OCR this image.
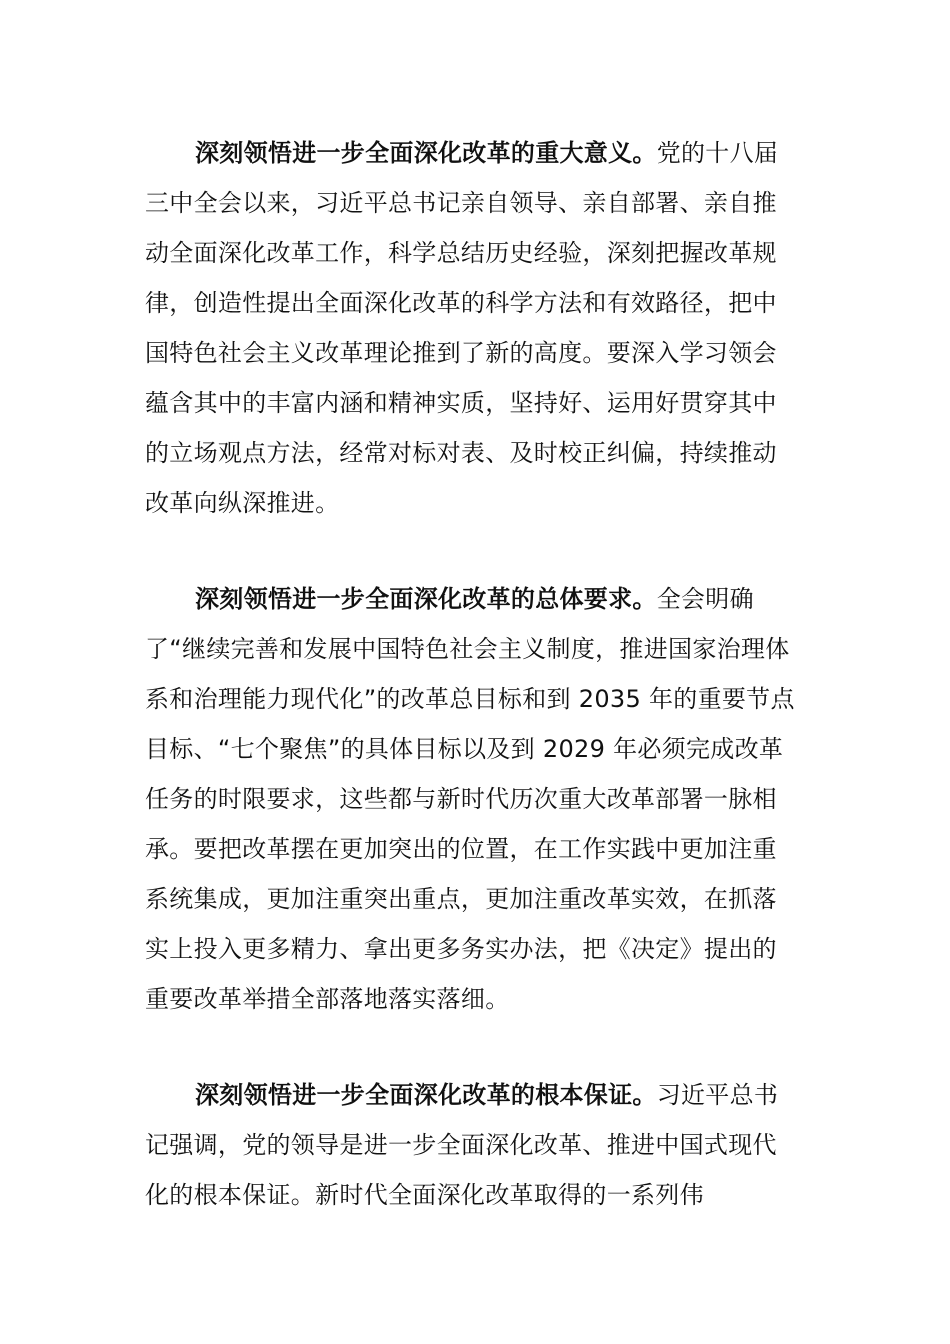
深刻领悟进一步全面深化改革的重大意义。党的十八届三中全会以来，习近平总书记亲自领导、亲自部署、亲自推动全面深化改革工作，科学总结历史经验，深刻把握改革规律，创造性提出全面深化改革的科学方法和有效路径，把中国特色社会主义改革理论推到了新的高度。要深入学习领会蕴含其中的丰富内涵和精神实质，坚持好、运用好贯穿其中的立场观点方法，经常对标对表、及时校正纠偏，持续推动改革向纵深推进。

深刻领悟进一步全面深化改革的总体要求。全会明确了“继续完善和发展中国特色社会主义制度，推进国家治理体系和治理能力现代化”的改革总目标和到 2035 年的重要节点目标、“七个聚焦”的具体目标以及到 2029 年必须完成改革任务的时限要求，这些都与新时代历次重大改革部署一脉相承。要把改革摆在更加突出的位置，在工作实践中更加注重系统集成，更加注重突出重点，更加注重改革实效，在抓落实上投入更多精力、拿出更多务实办法，把《决定》提出的重要改革举措全部落地落实落细。

深刻领悟进一步全面深化改革的根本保证。习近平总书记强调，党的领导是进一步全面深化改革、推进中国式现代化的根本保证。新时代全面深化改革取得的一系列伟
